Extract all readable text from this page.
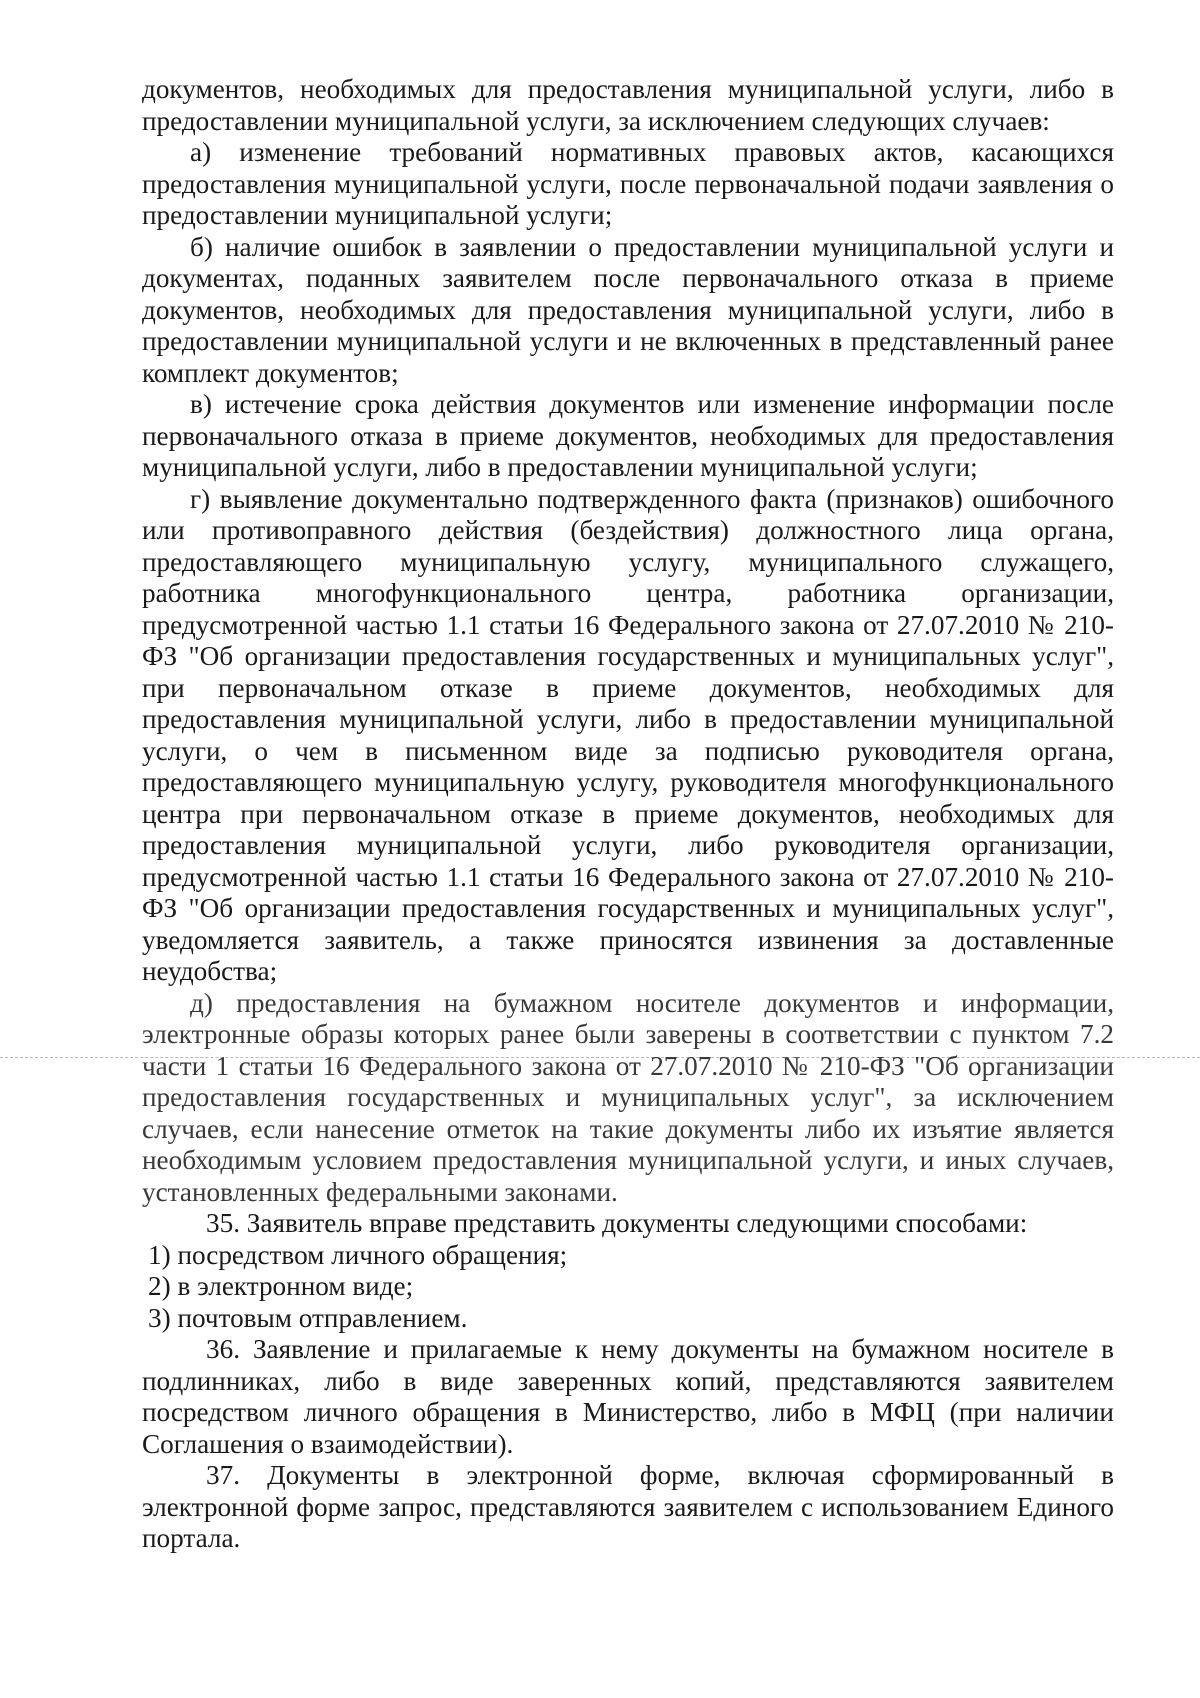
документов, необходимых для предоставления муниципальной услуги, либо в предоставлении муниципальной услуги, за исключением следующих случаев:

а) изменение требований нормативных правовых актов, касающихся предоставления муниципальной услуги, после первоначальной подачи заявления о предоставлении муниципальной услуги;

б) наличие ошибок в заявлении о предоставлении муниципальной услуги и документах, поданных заявителем после первоначального отказа в приеме документов, необходимых для предоставления муниципальной услуги, либо в предоставлении муниципальной услуги и не включенных в представленный ранее комплект документов;

в) истечение срока действия документов или изменение информации после первоначального отказа в приеме документов, необходимых для предоставления муниципальной услуги, либо в предоставлении муниципальной услуги;

г) выявление документально подтвержденного факта (признаков) ошибочного или противоправного действия (бездействия) должностного лица органа, предоставляющего муниципальную услугу, муниципального служащего, работника многофункционального центра, работника организации, предусмотренной частью 1.1 статьи 16 Федерального закона от 27.07.2010 № 210-ФЗ "Об организации предоставления государственных и муниципальных услуг", при первоначальном отказе в приеме документов, необходимых для предоставления муниципальной услуги, либо в предоставлении муниципальной услуги, о чем в письменном виде за подписью руководителя органа, предоставляющего муниципальную услугу, руководителя многофункционального центра при первоначальном отказе в приеме документов, необходимых для предоставления муниципальной услуги, либо руководителя организации, предусмотренной частью 1.1 статьи 16 Федерального закона от 27.07.2010 № 210-ФЗ "Об организации предоставления государственных и муниципальных услуг", уведомляется заявитель, а также приносятся извинения за доставленные неудобства;

д) предоставления на бумажном носителе документов и информации, электронные образы которых ранее были заверены в соответствии с пунктом 7.2 части 1 статьи 16 Федерального закона от 27.07.2010 № 210-ФЗ "Об организации предоставления государственных и муниципальных услуг", за исключением случаев, если нанесение отметок на такие документы либо их изъятие является необходимым условием предоставления муниципальной услуги, и иных случаев, установленных федеральными законами.

35. Заявитель вправе представить документы следующими способами:

1) посредством личного обращения;

2) в электронном виде;

3) почтовым отправлением.

36. Заявление и прилагаемые к нему документы на бумажном носителе в подлинниках, либо в виде заверенных копий, представляются заявителем посредством личного обращения в Министерство, либо в МФЦ (при наличии Соглашения о взаимодействии).

37. Документы в электронной форме, включая сформированный в электронной форме запрос, представляются заявителем с использованием Единого портала.
